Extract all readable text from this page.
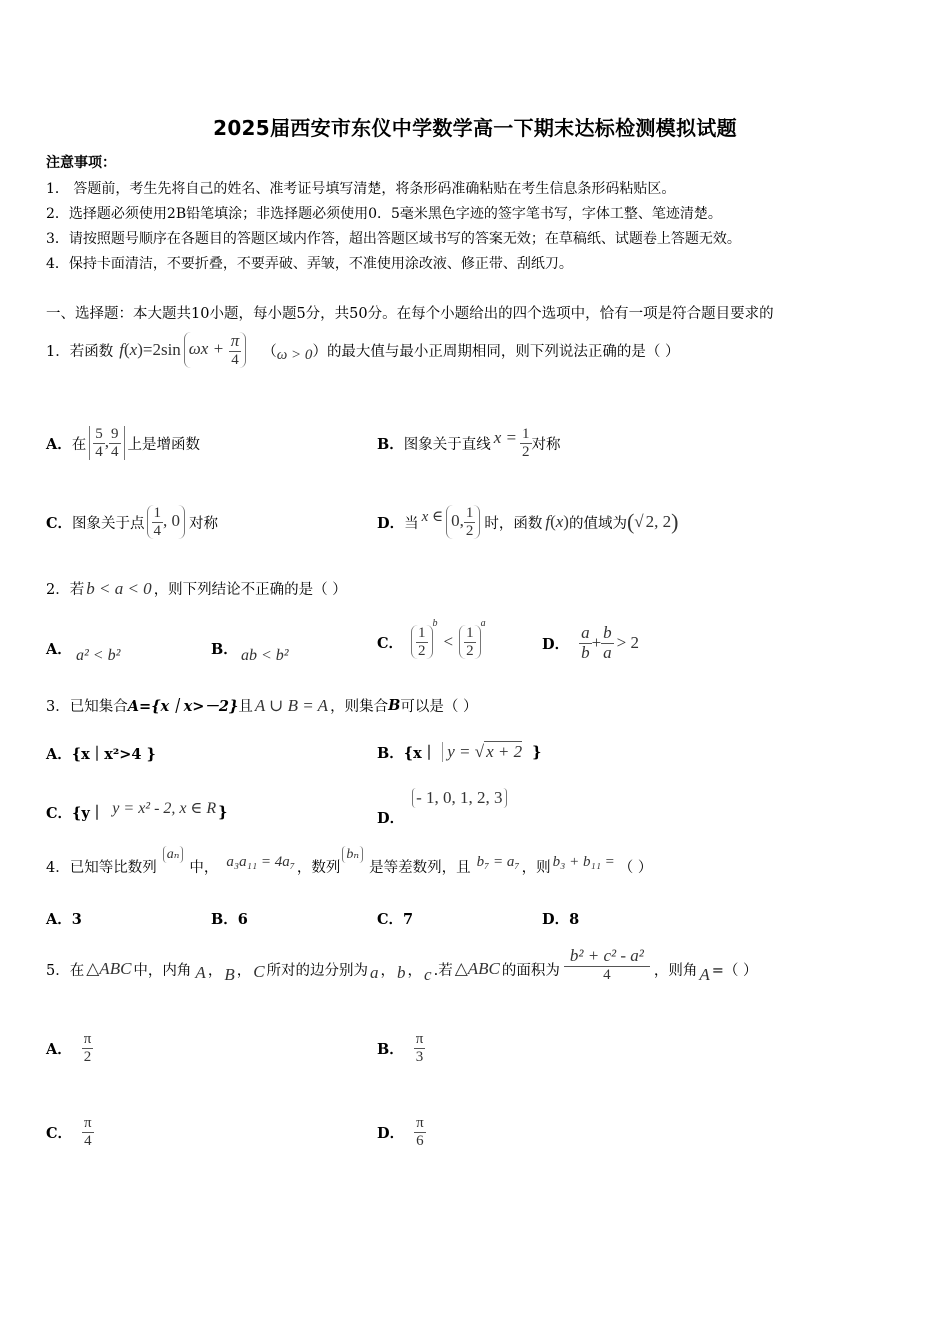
2025届西安市东仪中学数学高一下期末达标检测模拟试题
注意事项：
1． 答题前，考生先将自己的姓名、准考证号填写清楚，将条形码准确粘贴在考生信息条形码粘贴区。
2．选择题必须使用2B铅笔填涂；非选择题必须使用0．5毫米黑色字迹的签字笔书写，字体工整、笔迹清楚。
3．请按照题号顺序在各题目的答题区域内作答，超出答题区域书写的答案无效；在草稿纸、试题卷上答题无效。
4．保持卡面清洁，不要折叠，不要弄破、弄皱，不准使用涂改液、修正带、刮纸刀。
一、选择题：本大题共10小题，每小题5分，共50分。在每个小题给出的四个选项中，恰有一项是符合题目要求的
1． 若函数 f ( x ) =2sin $\omega x + \frac{\pi}{4}$ （ ω > 0 ） 的最大值与最小正周期相同，则下列说法正确的是（ ）
A． 在 $\frac{5}{4}$ , $\frac{9}{4}$ 上是增函数	B． 图象关于直线 $x = \frac{1}{2}$ 对称
C． 图象关于点 $\frac{1}{4}$ , 0 对称	D． 当 x ∈ 0, $\frac{1}{2}$ 时，函数 f ( x ) 的值域为 ( √ 2, 2 )
2． 若 b < a < 0 ，则下列结论不正确的是（ ）
A． a² < b²	B． ab < b²
C． $\frac{1}{2}$
b
< $\frac{1}{2}$
a
D． $\frac{a}{b} + \frac{b}{a} > 2$
3． 已知集合 A={x｜x>－2} 且 A ∪ B = A ，则集合 B 可以是（ ）
A．{x｜x²>4 }	B． {x｜ y = √ x + 2 }
C． {y｜ y = x² - 2, x ∈ R }	D．
- 1, 0, 1, 2, 3
4． 已知等比数列
aₙ
中， a₃a₁₁ = 4a₇ ，数列
bₙ
是等差数列，且 b₇ = a₇ ，则 b₃ + b₁₁ = （ ）
A．3	B．6	C．7	D．8
5． 在 △ABC 中，内角 A ， B ， C 所对的边分别为 a ， b ， c .若 △ABC 的面积为 $\frac{\text{b² + c² - a²}}{4}$ ，则角 A =（ ）
A． $\frac{\pi}{2}$	B． $\frac{\pi}{3}$
C． $\frac{\pi}{4}$	D． $\frac{\pi}{6}$
